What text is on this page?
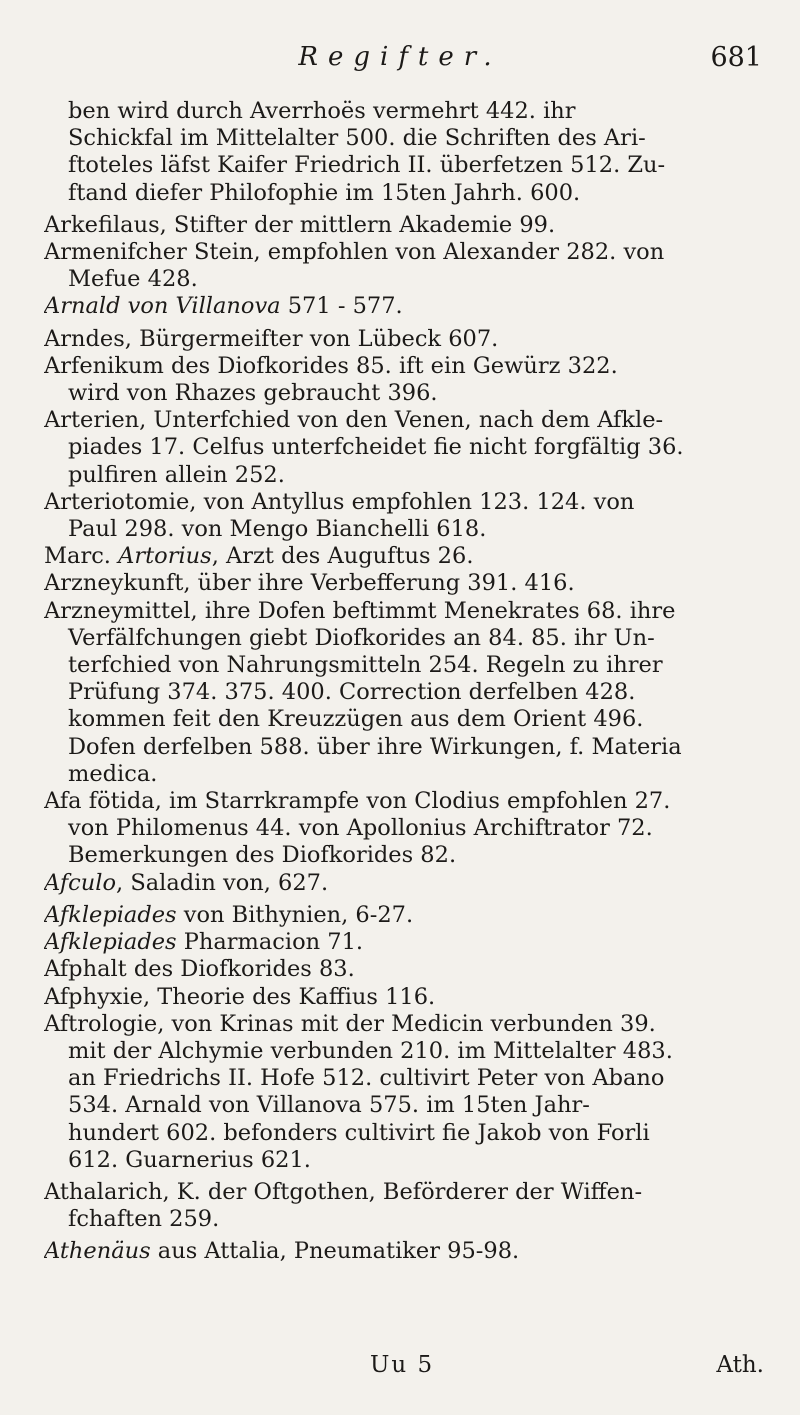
Regifter.	681
ben wird durch Averrhoës vermehrt 442. ihr
Schickfal im Mittelalter 500. die Schriften des Ari-
ftoteles läfst Kaifer Friedrich II. überfetzen 512. Zu-
ftand diefer Philofophie im 15ten Jahrh. 600.
Arkefilaus, Stifter der mittlern Akademie 99.
Armenifcher Stein, empfohlen von Alexander 282. von
Mefue 428.
Arnald von Villanova 571 - 577.
Arndes, Bürgermeifter von Lübeck 607.
Arfenikum des Diofkorides 85. ift ein Gewürz 322.
wird von Rhazes gebraucht 396.
Arterien, Unterfchied von den Venen, nach dem Afkle-
piades 17. Celfus unterfcheidet fie nicht forgfältig 36.
pulfiren allein 252.
Arteriotomie, von Antyllus empfohlen 123. 124. von
Paul 298. von Mengo Bianchelli 618.
Marc. Artorius, Arzt des Auguftus 26.
Arzneykunft, über ihre Verbefferung 391. 416.
Arzneymittel, ihre Dofen beftimmt Menekrates 68. ihre
Verfälfchungen giebt Diofkorides an 84. 85. ihr Un-
terfchied von Nahrungsmitteln 254. Regeln zu ihrer
Prüfung 374. 375. 400. Correction derfelben 428.
kommen feit den Kreuzzügen aus dem Orient 496.
Dofen derfelben 588. über ihre Wirkungen, f. Materia
medica.
Afa fötida, im Starrkrampfe von Clodius empfohlen 27.
von Philomenus 44. von Apollonius Archiftrator 72.
Bemerkungen des Diofkorides 82.
Afculo, Saladin von, 627.
Afklepiades von Bithynien, 6-27.
Afklepiades Pharmacion 71.
Afphalt des Diofkorides 83.
Afphyxie, Theorie des Kaffius 116.
Aftrologie, von Krinas mit der Medicin verbunden 39.
mit der Alchymie verbunden 210. im Mittelalter 483.
an Friedrichs II. Hofe 512. cultivirt Peter von Abano
534. Arnald von Villanova 575. im 15ten Jahr-
hundert 602. befonders cultivirt fie Jakob von Forli
612. Guarnerius 621.
Athalarich, K. der Oftgothen, Beförderer der Wiffen-
fchaften 259.
Athenäus aus Attalia, Pneumatiker 95-98.
Uu 5	Ath.
